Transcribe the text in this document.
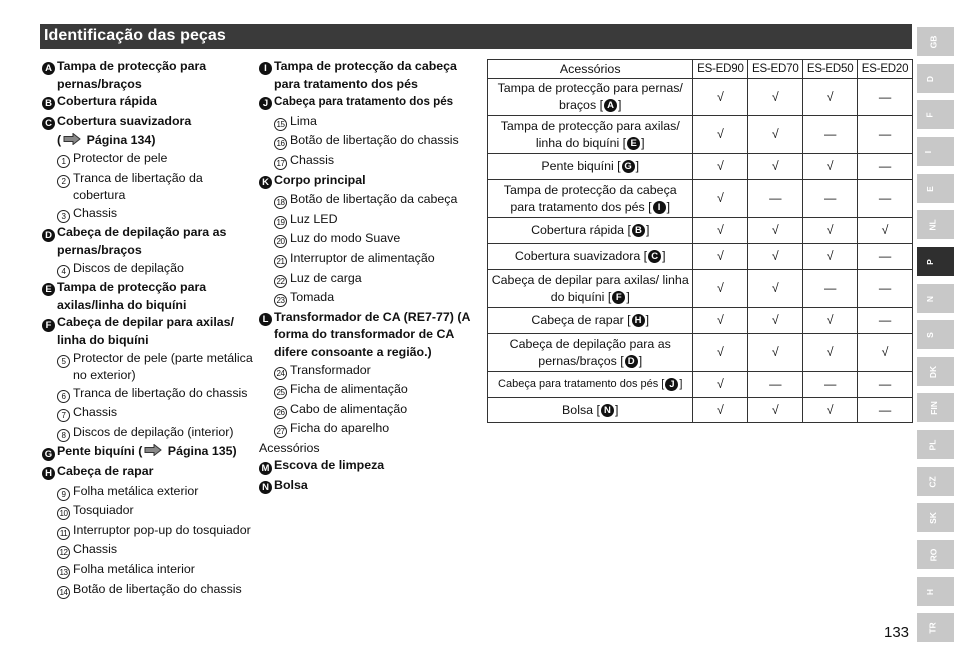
Identificação das peças
A Tampa de protecção para pernas/braços
B Cobertura rápida
C Cobertura suavizadora
( Página 134)
1 Protector de pele
2 Tranca de libertação da cobertura
3 Chassis
D Cabeça de depilação para as pernas/braços
4 Discos de depilação
E Tampa de protecção para axilas/linha do biquíni
F Cabeça de depilar para axilas/ linha do biquíni
5 Protector de pele (parte metálica no exterior)
6 Tranca de libertação do chassis
7 Chassis
8 Discos de depilação (interior)
G Pente biquíni ( Página 135)
H Cabeça de rapar
9 Folha metálica exterior
10 Tosquiador
11 Interruptor pop-up do tosquiador
12 Chassis
13 Folha metálica interior
14 Botão de libertação do chassis
I Tampa de protecção da cabeça para tratamento dos pés
J Cabeça para tratamento dos pés
15 Lima
16 Botão de libertação do chassis
17 Chassis
K Corpo principal
18 Botão de libertação da cabeça
19 Luz LED
20 Luz do modo Suave
21 Interruptor de alimentação
22 Luz de carga
23 Tomada
L Transformador de CA (RE7-77) (A forma do transformador de CA difere consoante a região.)
24 Transformador
25 Ficha de alimentação
26 Cabo de alimentação
27 Ficha do aparelho
Acessórios
M Escova de limpeza
N Bolsa
Acessórios	ES-ED90	ES-ED70	ES-ED50	ES-ED20
Tampa de protecção para pernas/ braços [ A ]	√	√	√	—
Tampa de protecção para axilas/ linha do biquíni [ E ]	√	√	—	—
Pente biquíni [ G ]	√	√	√	—
Tampa de protecção da cabeça para tratamento dos pés [ I ]	√	—	—	—
Cobertura rápida [ B ]	√	√	√	√
Cobertura suavizadora [ C ]	√	√	√	—
Cabeça de depilar para axilas/ linha do biquíni [ F ]	√	√	—	—
Cabeça de rapar [ H ]	√	√	√	—
Cabeça de depilação para as pernas/braços [ D ]	√	√	√	√
Cabeça para tratamento dos pés [ J ]	√	—	—	—
Bolsa [ N ]	√	√	√	—
GB
D
F
I
E
NL
P
N
S
DK
FIN
PL
CZ
SK
RO
H
TR
133
